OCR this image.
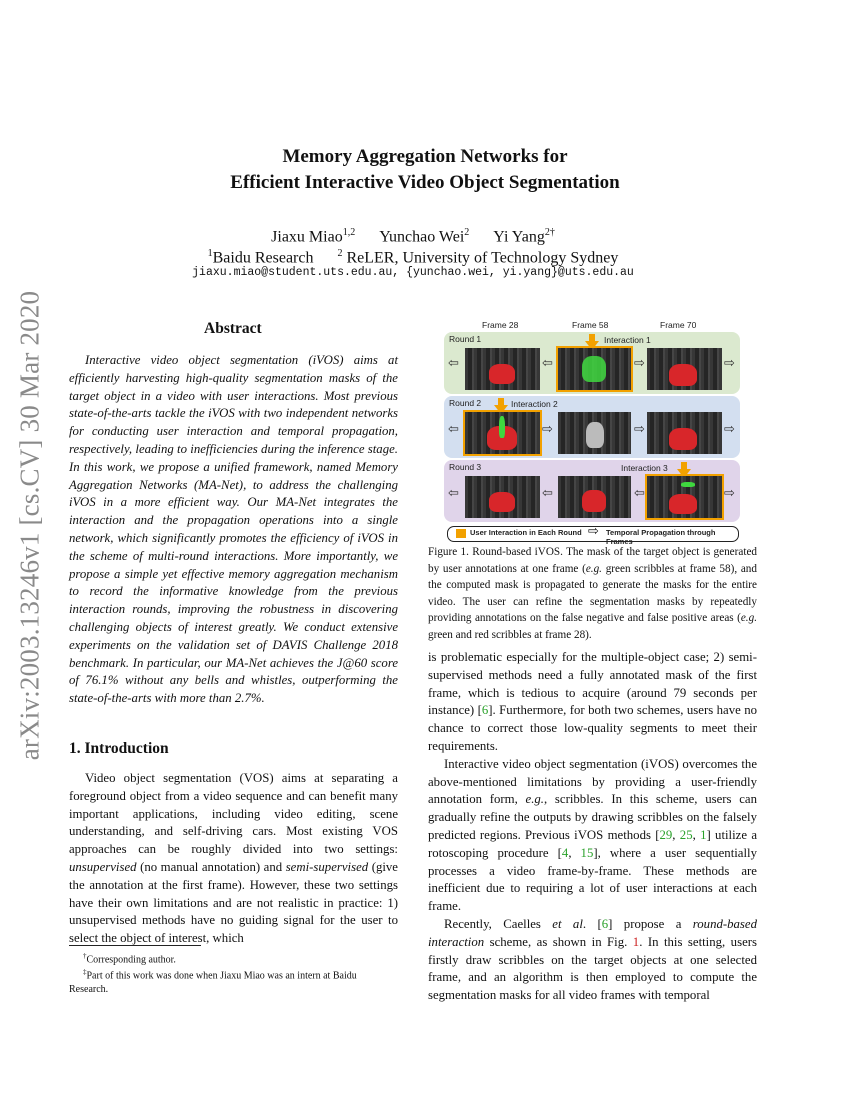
Memory Aggregation Networks for
Efficient Interactive Video Object Segmentation
Jiaxu Miao$^{1,2}$ Yunchao Wei$^2$ Yi Yang$^{2\dagger}$
$^1$Baidu Research $^2$ ReLER, University of Technology Sydney
jiaxu.miao@student.uts.edu.au, {yunchao.wei, yi.yang}@uts.edu.au
arXiv:2003.13246v1 [cs.CV] 30 Mar 2020	Abstract

Interactive video object segmentation (iVOS) aims at efficiently harvesting high-quality segmentation masks of the target object in a video with user interactions. Most previous state-of-the-arts tackle the iVOS with two independent networks for conducting user interaction and temporal propagation, respectively, leading to inefficiencies during the inference stage. In this work, we propose a unified framework, named Memory Aggregation Networks (MA-Net), to address the challenging iVOS in a more efficient way. Our MA-Net integrates the interaction and the propagation operations into a single network, which significantly promotes the efficiency of iVOS in the scheme of multi-round interactions. More importantly, we propose a simple yet effective memory aggregation mechanism to record the informative knowledge from the previous interaction rounds, improving the robustness in discovering challenging objects of interest greatly. We conduct extensive experiments on the validation set of DAVIS Challenge 2018 benchmark. In particular, our MA-Net achieves the J@60 score of 76.1% without any bells and whistles, outperforming the state-of-the-arts with more than 2.7%.

1. Introduction

Video object segmentation (VOS) aims at separating a foreground object from a video sequence and can benefit many important applications, including video editing, scene understanding, and self-driving cars. Most existing VOS approaches can be roughly divided into two settings: unsupervised (no manual annotation) and semi-supervised (give the annotation at the first frame). However, these two settings have their own limitations and are not realistic in practice: 1) unsupervised methods have no guiding signal for the user to select the object of interest, which

†Corresponding author.
‡Part of this work was done when Jiaxu Miao was an intern at Baidu Research.
Frame 28	Frame 58	Frame 70
Round 1	Interaction 1
⇦	⇦	⇨	⇨
Round 2	Interaction 2
⇦	⇨	⇨	⇨
Round 3	Interaction 3
⇦	⇦	⇦	⇨
User Interaction in Each Round ⇨ Temporal Propagation through Frames
Figure 1. Round-based iVOS. The mask of the target object is generated by user annotations at one frame (e.g. green scribbles at frame 58), and the computed mask is propagated to generate the masks for the entire video. The user can refine the segmentation masks by repeatedly providing annotations on the false negative and false positive areas (e.g. green and red scribbles at frame 28).

is problematic especially for the multiple-object case; 2) semi-supervised methods need a fully annotated mask of the first frame, which is tedious to acquire (around 79 seconds per instance) [6]. Furthermore, for both two schemes, users have no chance to correct those low-quality segments to meet their requirements.

Interactive video object segmentation (iVOS) overcomes the above-mentioned limitations by providing a user-friendly annotation form, e.g., scribbles. In this scheme, users can gradually refine the outputs by drawing scribbles on the falsely predicted regions. Previous iVOS methods [29, 25, 1] utilize a rotoscoping procedure [4, 15], where a user sequentially processes a video frame-by-frame. These methods are inefficient due to requiring a lot of user interactions at each frame.

Recently, Caelles et al. [6] propose a round-based interaction scheme, as shown in Fig. 1. In this setting, users firstly draw scribbles on the target objects at one selected frame, and an algorithm is then employed to compute the segmentation masks for all video frames with temporal
